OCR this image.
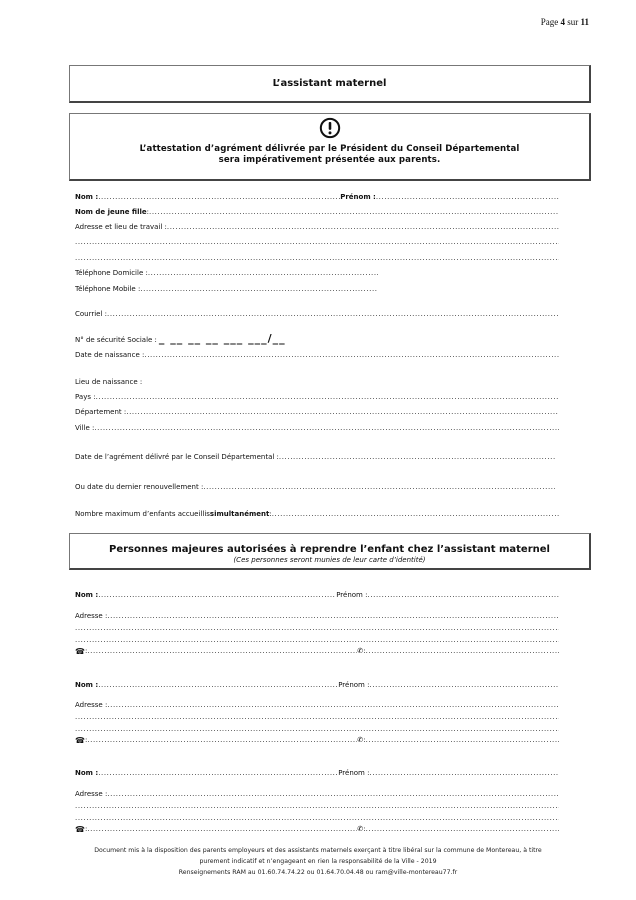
Page 4 sur 11
L’assistant maternel
L’attestation d’agrément délivrée par le Président du Conseil Départemental
sera impérativement présentée aux parents.
Nom : .....	Prénom :
.....
Nom de jeune fille :
.....
Adresse et lieu de travail :
.....
.....
.....
Téléphone Domicile :
.....
Téléphone Mobile :
.....
Courriel :
.....
N° de sécurité Sociale : _ __ __ __ ___ ___/__
Date de naissance :
.....
Lieu de naissance :
Pays :
.....
Département :
.....
Ville :
.....
Date de l’agrément délivré par le Conseil Départemental :
.....
Ou date du dernier renouvellement :
.....
Nombre maximum d’enfants accueillis simultanément :
.....
Personnes majeures autorisées à reprendre l’enfant chez l’assistant maternel
(Ces personnes seront munies de leur carte d’identité)
Nom : .....	Prénom :
.....
Adresse :
.....
.....
.....
☎ : .....	✆ :
.....
Nom : .....	Prénom :
.....
Adresse :
.....
.....
.....
☎ : .....	✆ :
.....
Nom : .....	Prénom :
.....
Adresse :
.....
.....
.....
☎ : .....	✆ :
.....
Document mis à la disposition des parents employeurs et des assistants maternels exerçant à titre libéral sur la commune de Montereau, à titre
purement indicatif et n’engageant en rien la responsabilité de la Ville - 2019
Renseignements RAM au 01.60.74.74.22 ou 01.64.70.04.48 ou ram@ville-montereau77.fr
